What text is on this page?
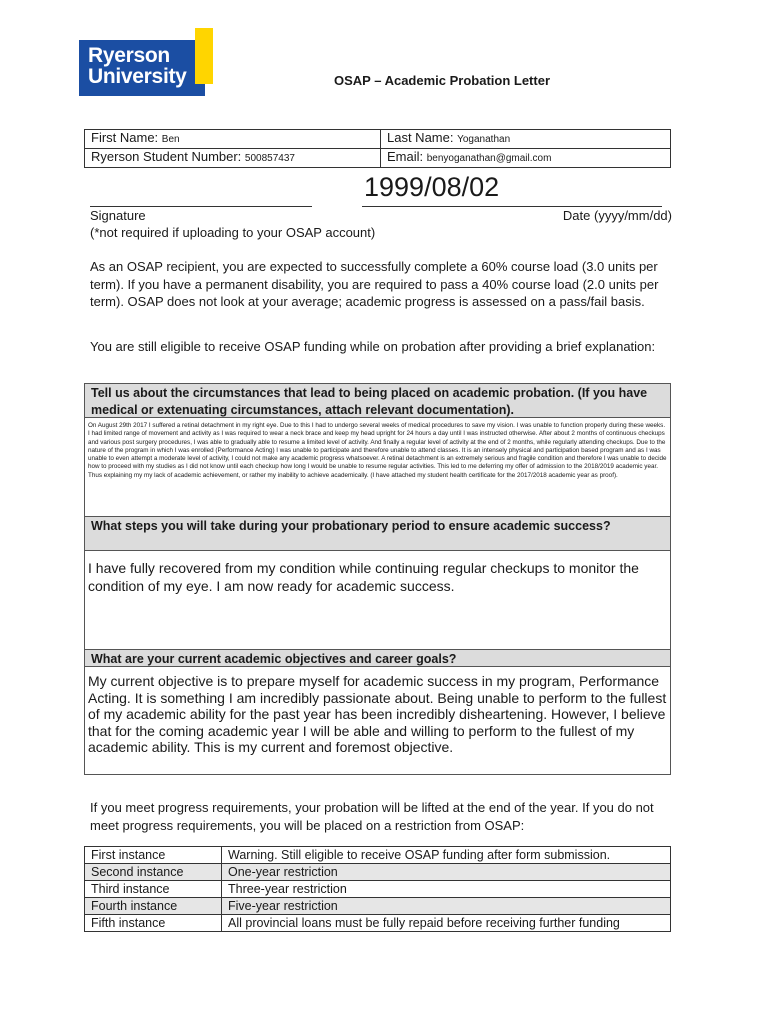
Ryerson
University	OSAP – Academic Probation Letter
First Name: Ben	Last Name: Yoganathan
Ryerson Student Number: 500857437	Email: benyoganathan@gmail.com
1999/08/02
Signature	Date (yyyy/mm/dd)
(*not required if uploading to your OSAP account)
As an OSAP recipient, you are expected to successfully complete a 60% course load (3.0 units per term). If you have a permanent disability, you are required to pass a 40% course load (2.0 units per term). OSAP does not look at your average; academic progress is assessed on a pass/fail basis.
You are still eligible to receive OSAP funding while on probation after providing a brief explanation:
Tell us about the circumstances that lead to being placed on academic probation. (If you have medical or extenuating circumstances, attach relevant documentation).
On August 29th 2017 I suffered a retinal detachment in my right eye. Due to this I had to undergo several weeks of medical procedures to save my vision. I was unable to function properly during these weeks. I had limited range of movement and activity as I was required to wear a neck brace and keep my head upright for 24 hours a day until I was instructed otherwise. After about 2 months of continuous checkups and various post surgery procedures, I was able to gradually able to resume a limited level of activity. And finally a regular level of activity at the end of 2 months, while regularly attending checkups. Due to the nature of the program in which I was enrolled (Performance Acting) I was unable to participate and therefore unable to attend classes. It is an intensely physical and participation based program and as I was unable to even attempt a moderate level of activity, I could not make any academic progress whatsoever. A retinal detachment is an extremely serious and fragile condition and therefore I was unable to decide how to proceed with my studies as I did not know until each checkup how long I would be unable to resume regular activities. This led to me deferring my offer of admission to the 2018/2019 academic year. Thus explaining my my lack of academic achievement, or rather my inability to achieve academically. (I have attached my student health certificate for the 2017/2018 academic year as proof).
What steps you will take during your probationary period to ensure academic success?
I have fully recovered from my condition while continuing regular checkups to monitor the condition of my eye. I am now ready for academic success.
What are your current academic objectives and career goals?
My current objective is to prepare myself for academic success in my program, Performance Acting. It is something I am incredibly passionate about. Being unable to perform to the fullest of my academic ability for the past year has been incredibly disheartening. However, I believe that for the coming academic year I will be able and willing to perform to the fullest of my academic ability. This is my current and foremost objective.
If you meet progress requirements, your probation will be lifted at the end of the year. If you do not meet progress requirements, you will be placed on a restriction from OSAP:
First instance	Warning. Still eligible to receive OSAP funding after form submission.
Second instance	One-year restriction
Third instance	Three-year restriction
Fourth instance	Five-year restriction
Fifth instance	All provincial loans must be fully repaid before receiving further funding
